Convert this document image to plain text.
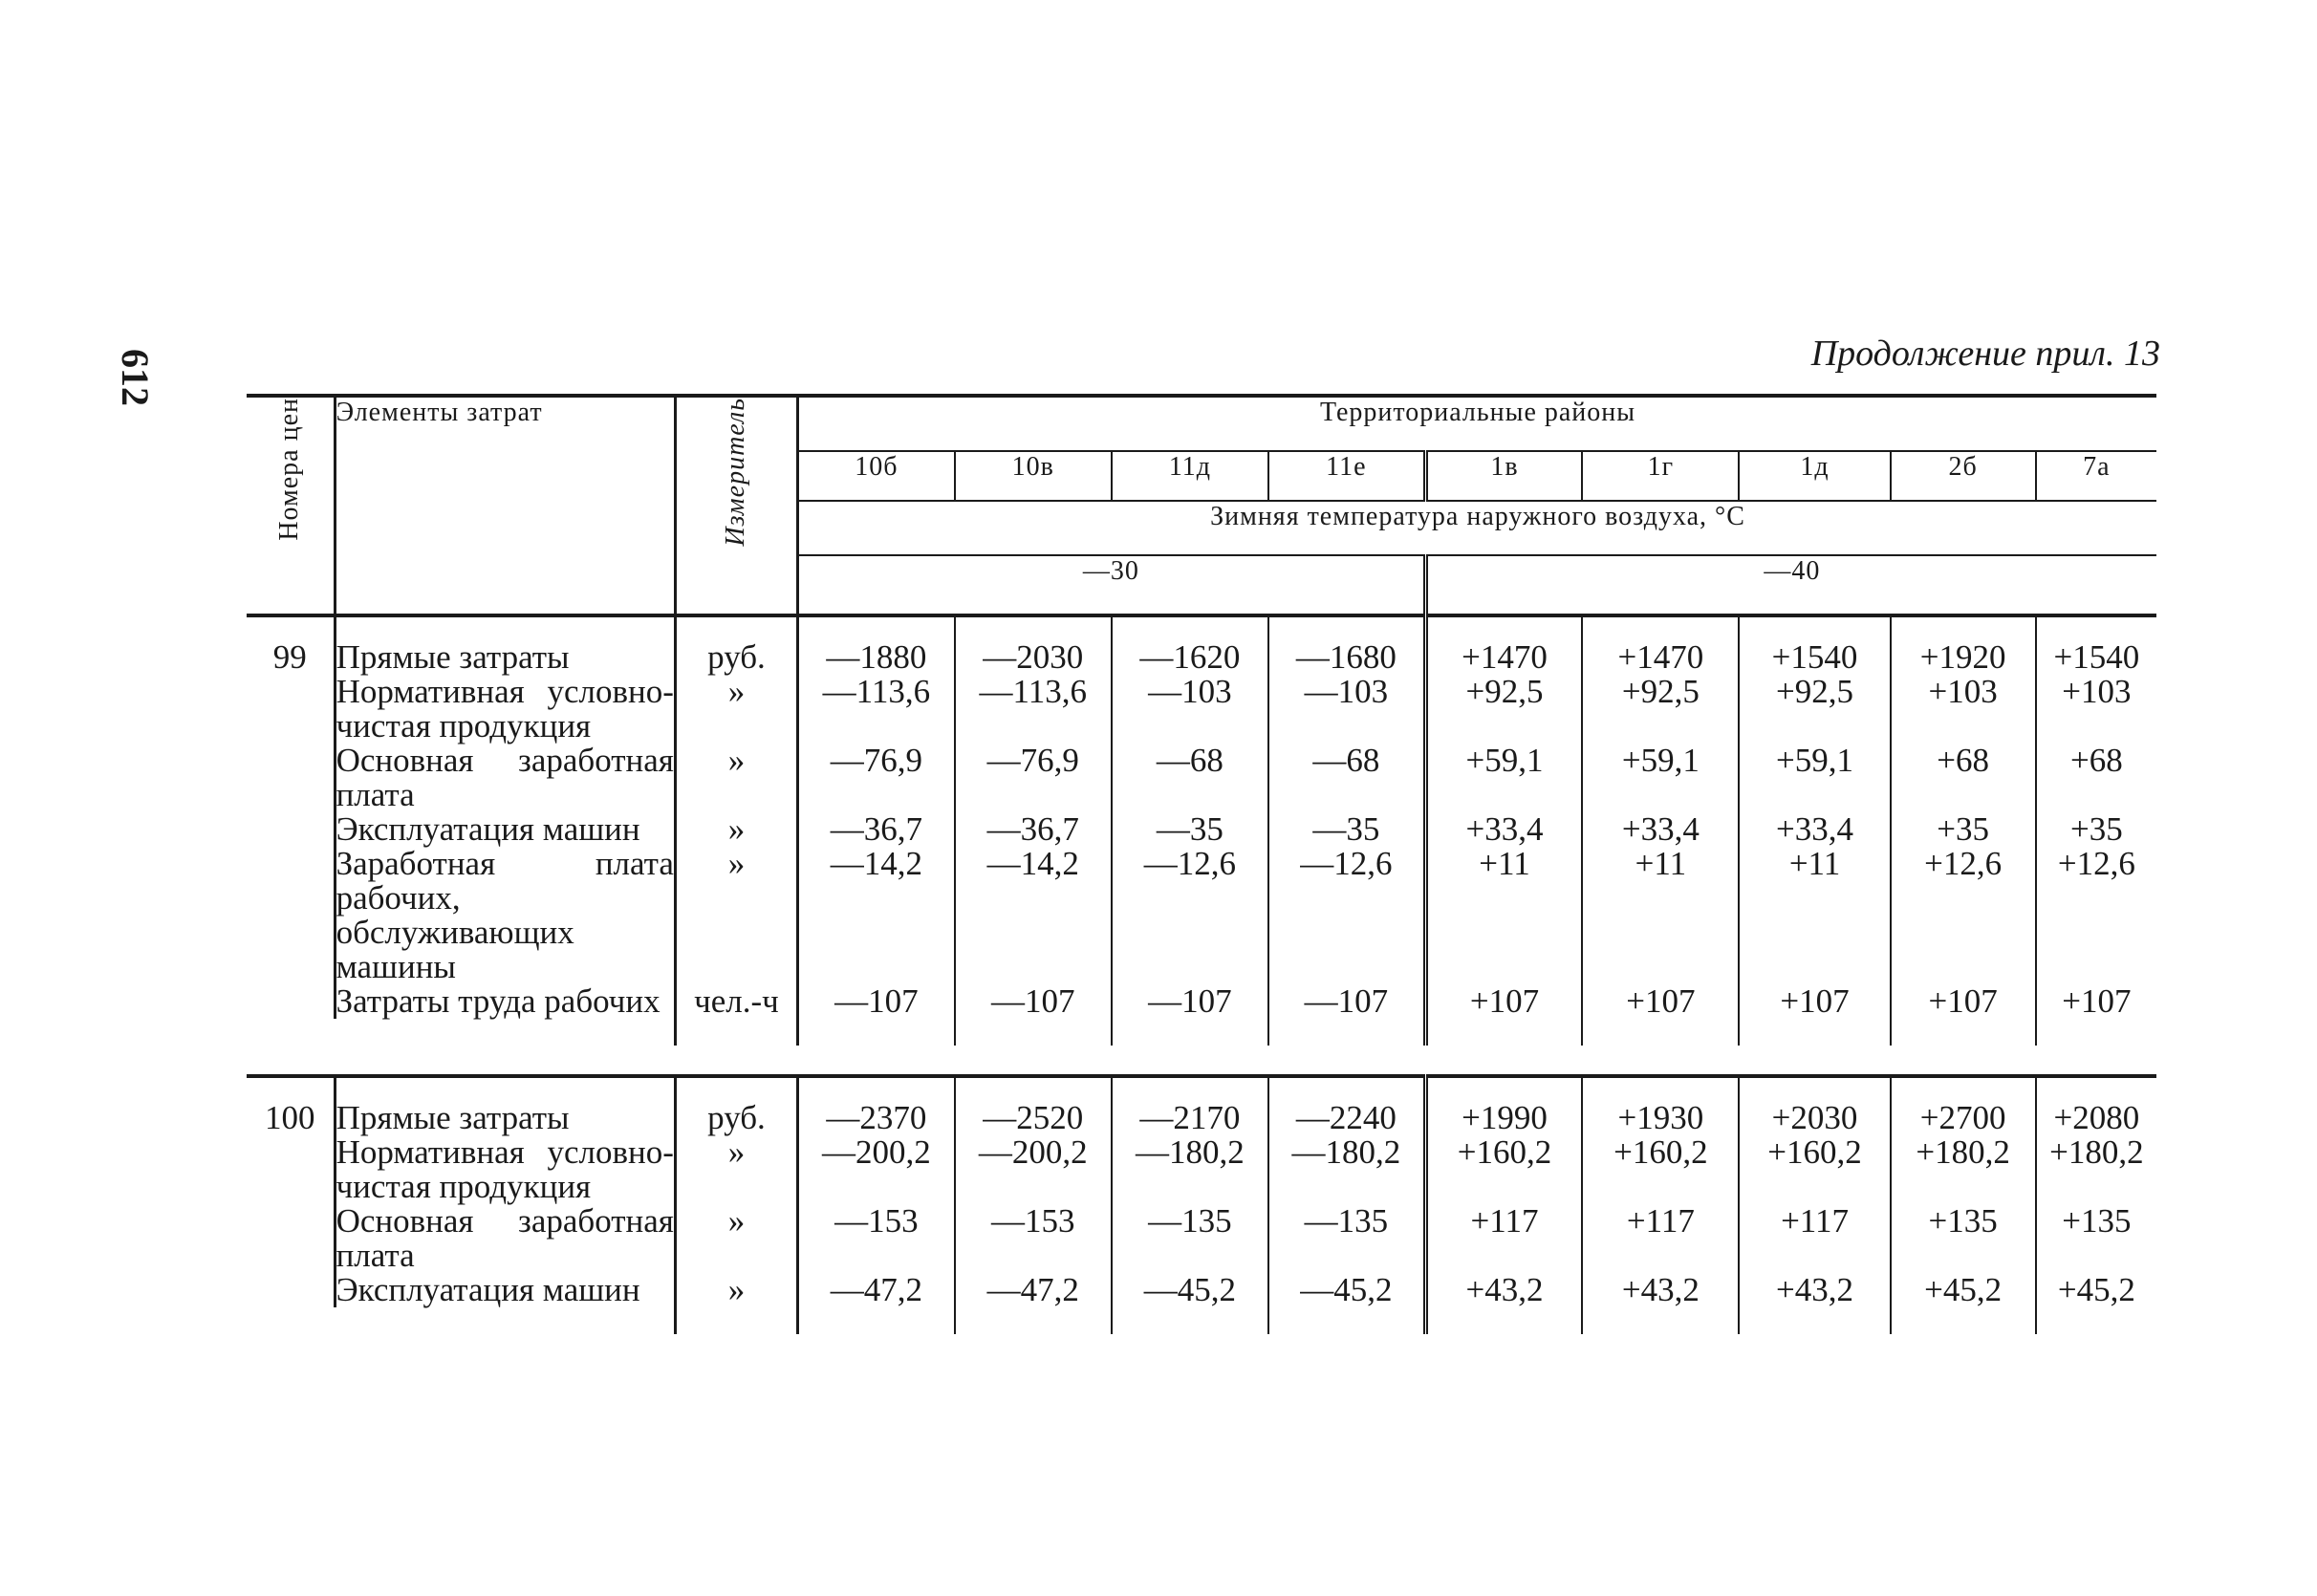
612	Продолжение прил. 13
Номера цен	Элементы затрат	Измеритель	Территориальные районы								
			10б	10в	11д	11е	1в	1г	1д	2б	7а
			Зимняя температура наружного воздуха, °С								
			—30				—40				
99	Прямые затраты	руб.	—1880	—2030	—1620	—1680	+1470	+1470	+1540	+1920	+1540
	Нормативная условно-чистая продукция	»	—113,6	—113,6	—103	—103	+92,5	+92,5	+92,5	+103	+103
	Основная заработная плата	»	—76,9	—76,9	—68	—68	+59,1	+59,1	+59,1	+68	+68
	Эксплуатация машин	»	—36,7	—36,7	—35	—35	+33,4	+33,4	+33,4	+35	+35
	Заработная плата рабочих, обслуживающих машины	»	—14,2	—14,2	—12,6	—12,6	+11	+11	+11	+12,6	+12,6
	Затраты труда рабочих	чел.-ч	—107	—107	—107	—107	+107	+107	+107	+107	+107

100	Прямые затраты	руб.	—2370	—2520	—2170	—2240	+1990	+1930	+2030	+2700	+2080
	Нормативная условно-чистая продукция	»	—200,2	—200,2	—180,2	—180,2	+160,2	+160,2	+160,2	+180,2	+180,2
	Основная заработная плата	»	—153	—153	—135	—135	+117	+117	+117	+135	+135
	Эксплуатация машин	»	—47,2	—47,2	—45,2	—45,2	+43,2	+43,2	+43,2	+45,2	+45,2
